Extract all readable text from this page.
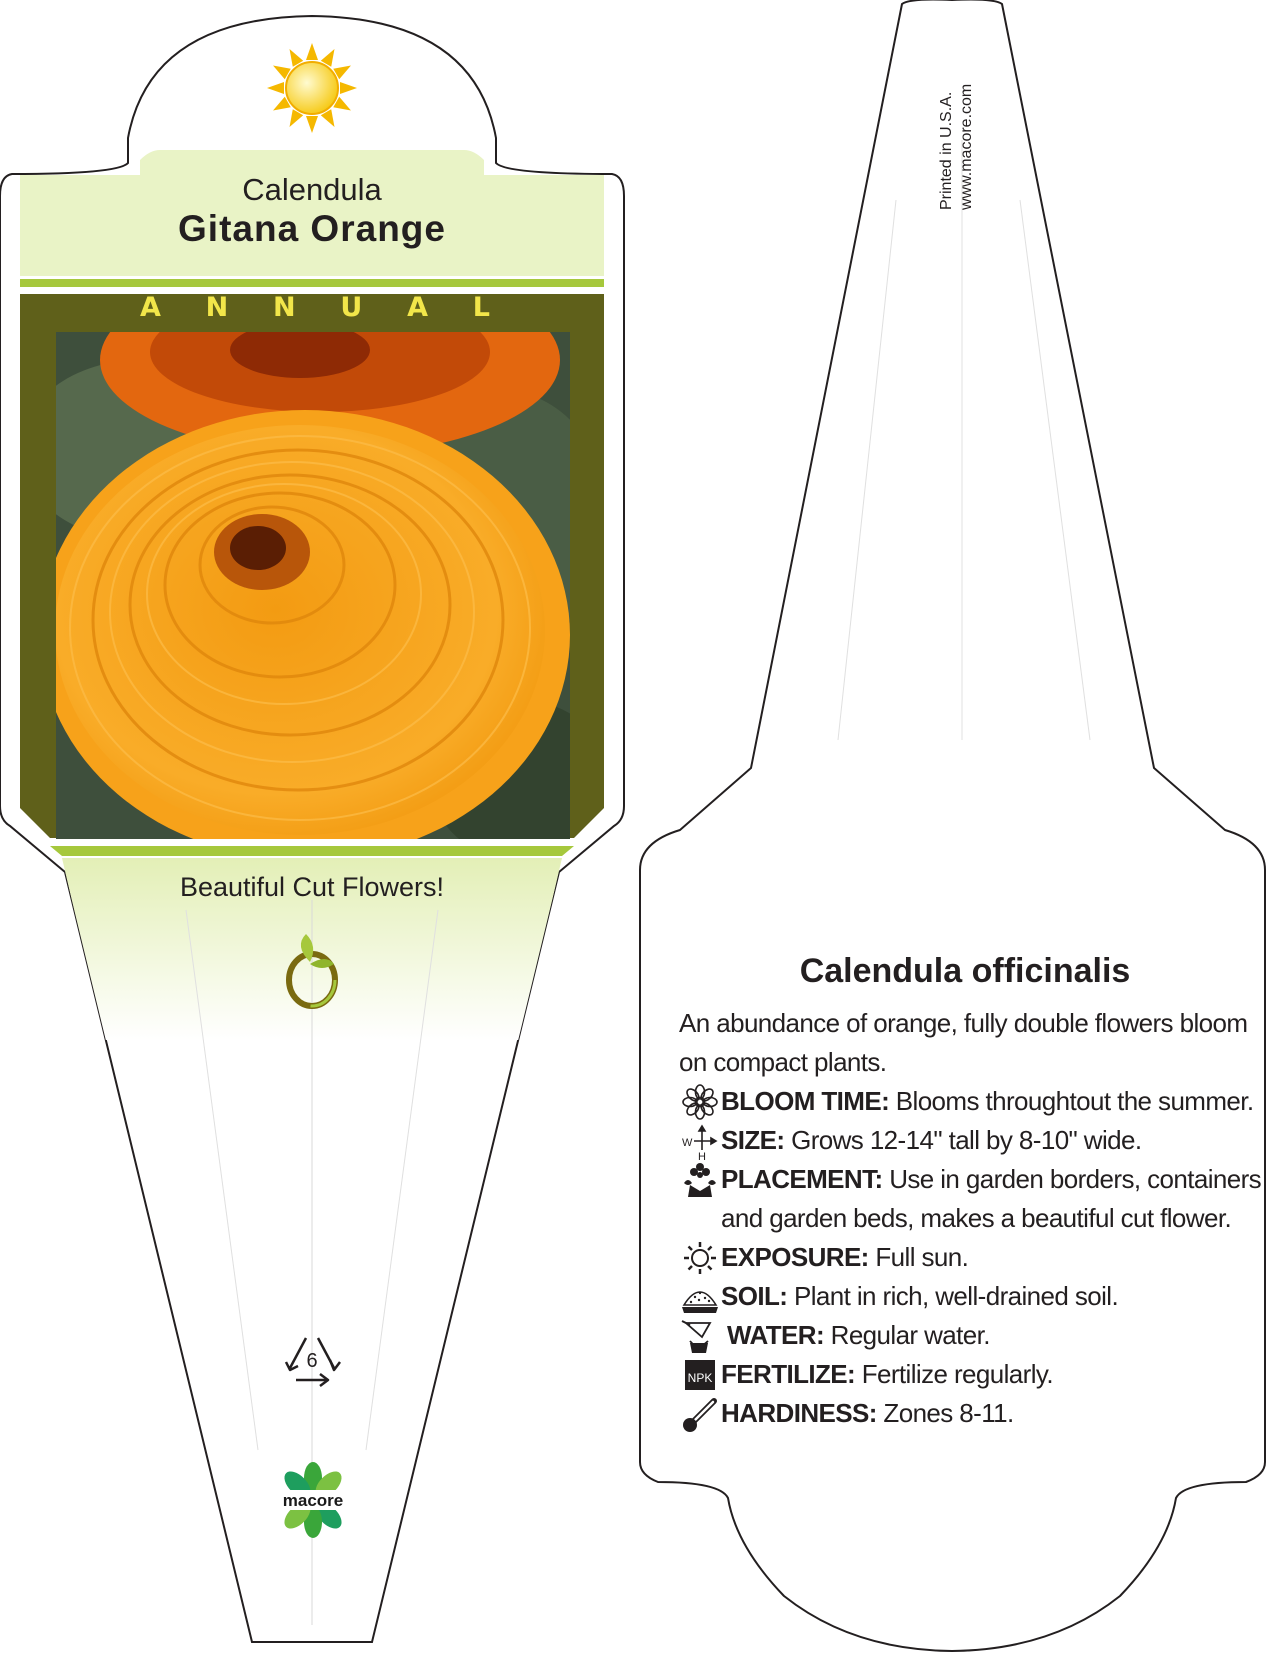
Calendula
Gitana Orange
A N N U A L
Beautiful Cut Flowers!
6
macore
Printed in U.S.A. www.macore.com
Calendula officinalis

An abundance of orange, fully double flowers bloom on compact plants.

BLOOM TIME: Blooms throughtout the summer.
W
H
SIZE: Grows 12-14" tall by 8-10" wide.
PLACEMENT: Use in garden borders, containers and garden beds, makes a beautiful cut flower.
EXPOSURE: Full sun.
SOIL: Plant in rich, well-drained soil.
WATER: Regular water.
NPK FERTILIZE: Fertilize regularly.
HARDINESS: Zones 8-11.
